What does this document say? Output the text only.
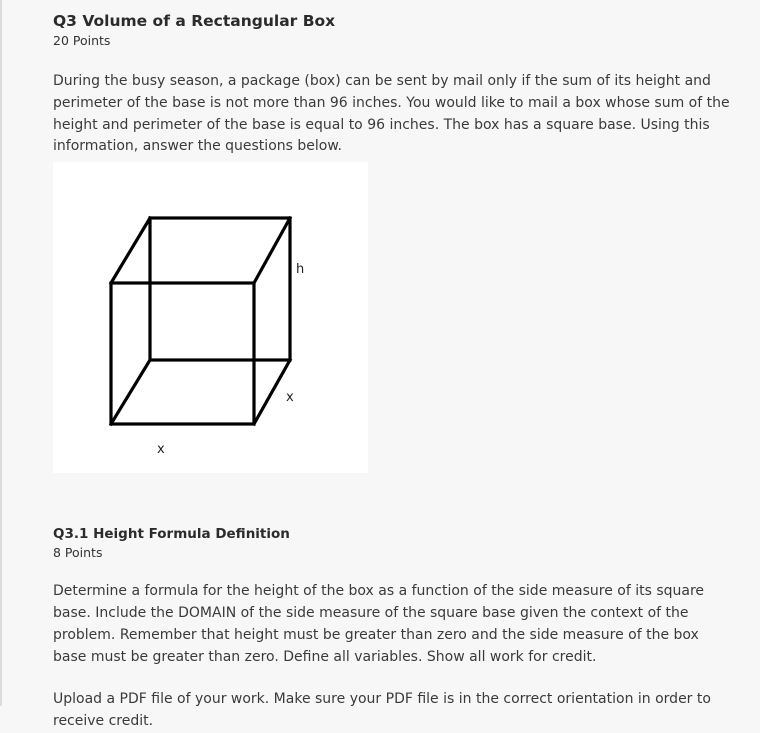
Q3 Volume of a Rectangular Box

20 Points

During the busy season, a package (box) can be sent by mail only if the sum of its height and perimeter of the base is not more than 96 inches. You would like to mail a box whose sum of the height and perimeter of the base is equal to 96 inches. The box has a square base. Using this information, answer the questions below.

h
x
x
Q3.1 Height Formula Definition

8 Points

Determine a formula for the height of the box as a function of the side measure of its square base. Include the DOMAIN of the side measure of the square base given the context of the problem. Remember that height must be greater than zero and the side measure of the box base must be greater than zero. Define all variables. Show all work for credit.

Upload a PDF file of your work. Make sure your PDF file is in the correct orientation in order to receive credit.
